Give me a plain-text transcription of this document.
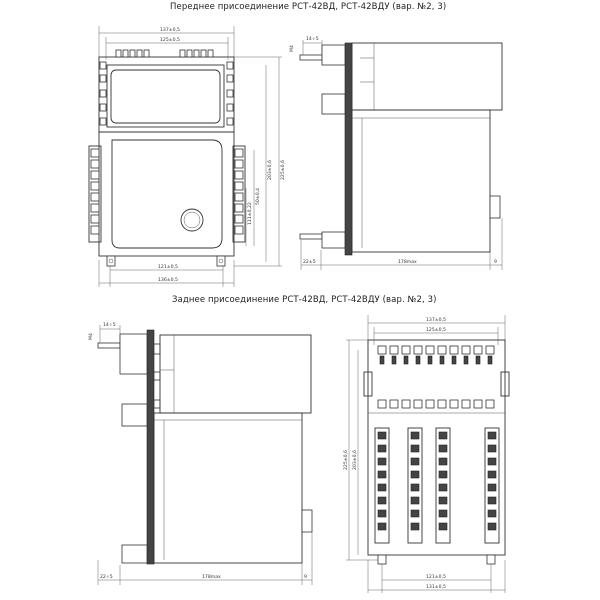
Переднее присоединение РСТ-42ВД, РСТ-42ВДУ (вар. №2, 3)
Заднее присоединение РСТ-42ВД, РСТ-42ВДУ (вар. №2, 3)
137±0,5
125±0,5
121±0,5
136±0,5
225±0,6
203±0,6
50±0,4
111±0,22
14÷5
М4
22±5	178max	9
14÷5
М4
22÷5	178max	9
137±0,5
125±0,5
225±0,6 203±0,6
121±0,5
131±0,5
